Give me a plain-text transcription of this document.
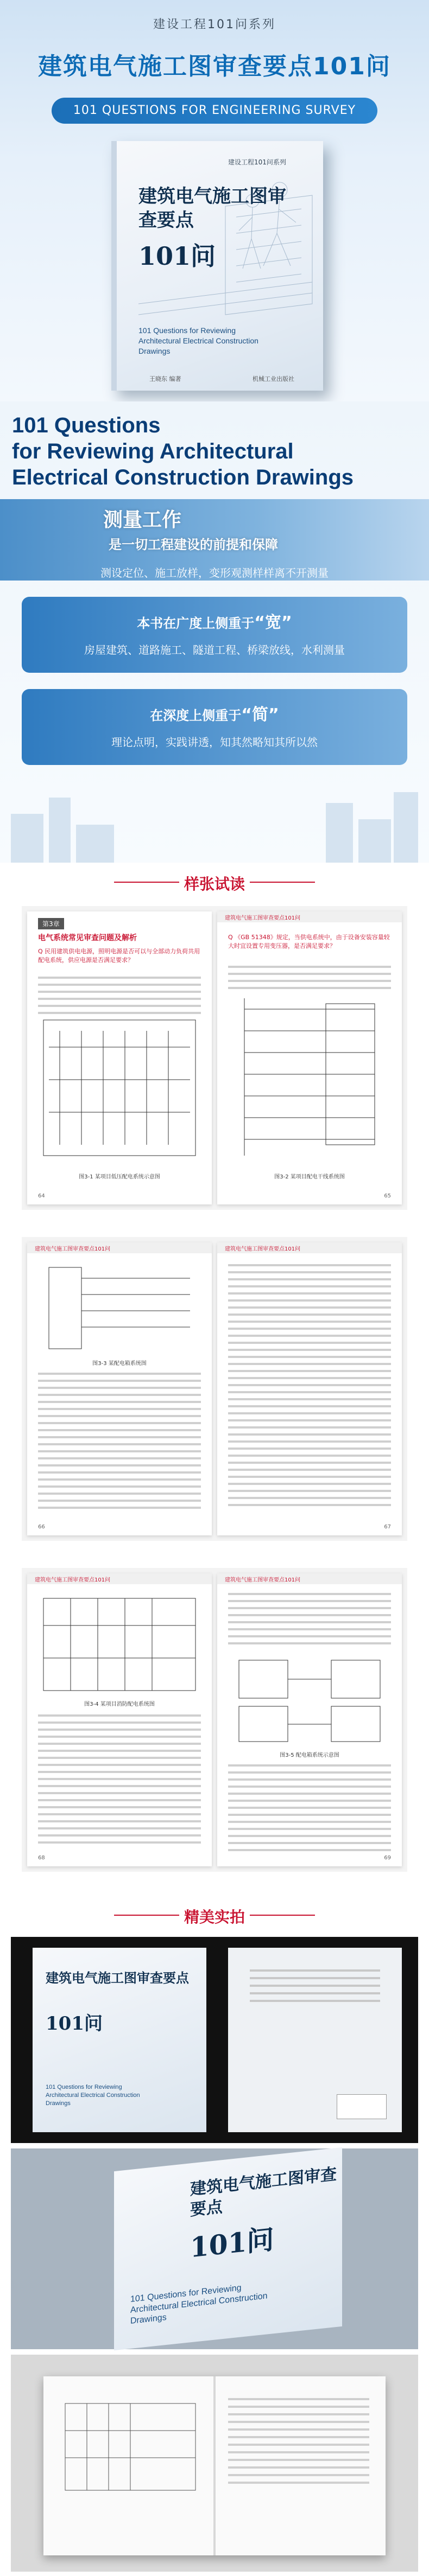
建设工程101问系列
建筑电气施工图审查要点101问
101 QUESTIONS FOR ENGINEERING SURVEY
建设工程101问系列
建筑电气施工图审查要点
101问
101 Questions for Reviewing Architectural Electrical Construction Drawings
王晓东 编著	机械工业出版社
101 Questions
for Reviewing Architectural
Electrical Construction Drawings
测量工作
是一切工程建设的前提和保障
测设定位、施工放样，变形观测样样离不开测量
本书在广度上侧重于“宽”
房屋建筑、道路施工、隧道工程、桥梁放线，水利测量
在深度上侧重于“简”
理论点明，实践讲透，知其然略知其所以然
样张试读
第3章
电气系统常见审查问题及解析
Q 民用建筑供电电源，照明电源是否可以与全部动力负荷共用配电系统，供应电源是否满足要求？
图3-1 某项目低压配电系统示意图
64
建筑电气施工图审查要点101问
Q 《GB 51348》规定，当供电系统中，由于设备安装容量较大时宜设置专用变压器，是否满足要求？
图3-2 某项目配电干线系统图
65
建筑电气施工图审查要点101问
图3-3 某配电箱系统图
66
建筑电气施工图审查要点101问
67
建筑电气施工图审查要点101问
图3-4 某项目消防配电系统图
68
建筑电气施工图审查要点101问
图3-5 配电箱系统示意图
69
精美实拍
建筑电气施工图审查要点
101问
101 Questions for Reviewing Architectural Electrical Construction Drawings
建筑电气施工图审查要点
101问
101 Questions for Reviewing Architectural Electrical Construction Drawings
